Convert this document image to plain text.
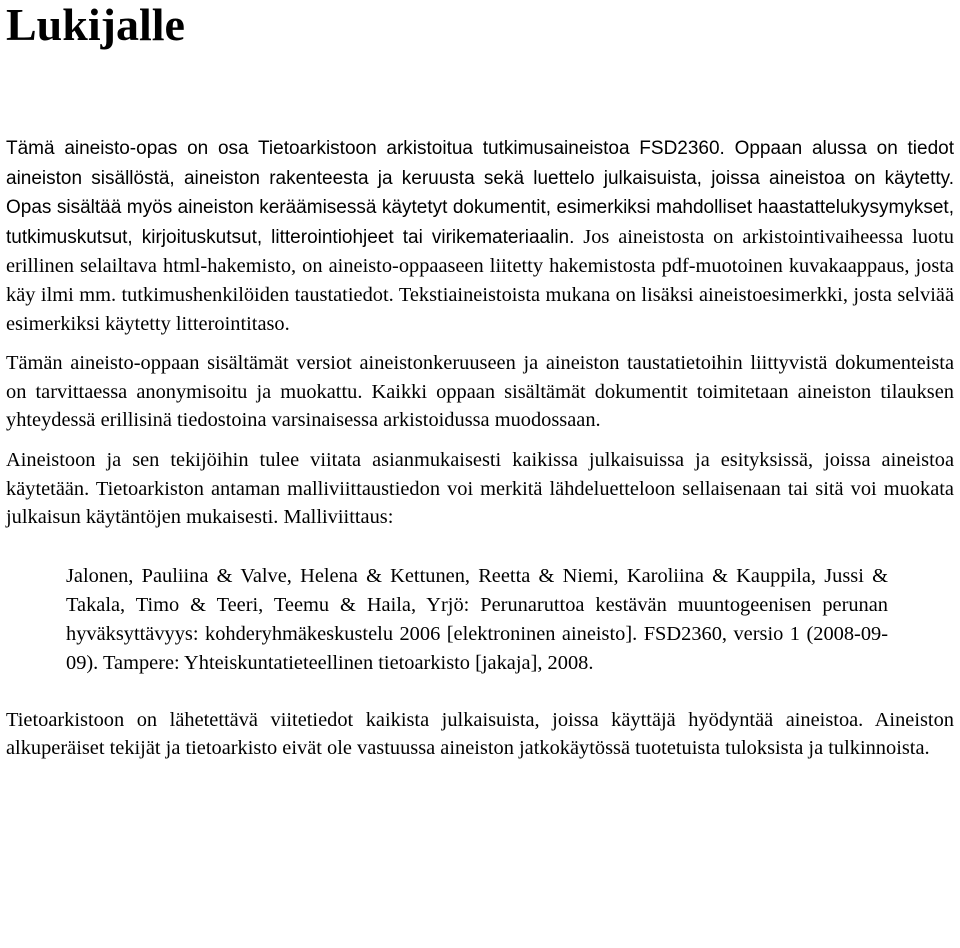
Lukijalle

Tämä aineisto-opas on osa Tietoarkistoon arkistoitua tutkimusaineistoa FSD2360. Oppaan alussa on tiedot aineiston sisällöstä, aineiston rakenteesta ja keruusta sekä luettelo julkaisuista, joissa aineistoa on käytetty. Opas sisältää myös aineiston keräämisessä käytetyt dokumentit, esimerkiksi mahdolliset haastattelukysymykset, tutkimuskutsut, kirjoituskutsut, litterointiohjeet tai virikemateriaalin. Jos aineistosta on arkistointivaiheessa luotu erillinen selailtava html-hakemisto, on aineisto-oppaaseen liitetty hakemistosta pdf-muotoinen kuvakaappaus, josta käy ilmi mm. tutkimushenkilöiden taustatiedot. Tekstiaineistoista mukana on lisäksi aineistoesimerkki, josta selviää esimerkiksi käytetty litterointitaso.

Tämän aineisto-oppaan sisältämät versiot aineistonkeruuseen ja aineiston taustatietoihin liittyvistä dokumenteista on tarvittaessa anonymisoitu ja muokattu. Kaikki oppaan sisältämät dokumentit toimitetaan aineiston tilauksen yhteydessä erillisinä tiedostoina varsinaisessa arkistoidussa muodossaan.

Aineistoon ja sen tekijöihin tulee viitata asianmukaisesti kaikissa julkaisuissa ja esityksissä, joissa aineistoa käytetään. Tietoarkiston antaman malliviittaustiedon voi merkitä lähdeluetteloon sellaisenaan tai sitä voi muokata julkaisun käytäntöjen mukaisesti. Malliviittaus:

Jalonen, Pauliina & Valve, Helena & Kettunen, Reetta & Niemi, Karoliina & Kauppila, Jussi & Takala, Timo & Teeri, Teemu & Haila, Yrjö: Perunaruttoa kestävän muuntogeenisen perunan hyväksyttävyys: kohderyhmäkeskustelu 2006 [elektroninen aineisto]. FSD2360, versio 1 (2008-09-09). Tampere: Yhteiskuntatieteellinen tietoarkisto [jakaja], 2008.

Tietoarkistoon on lähetettävä viitetiedot kaikista julkaisuista, joissa käyttäjä hyödyntää aineistoa. Aineiston alkuperäiset tekijät ja tietoarkisto eivät ole vastuussa aineiston jatkokäytössä tuotetuista tuloksista ja tulkinnoista.
